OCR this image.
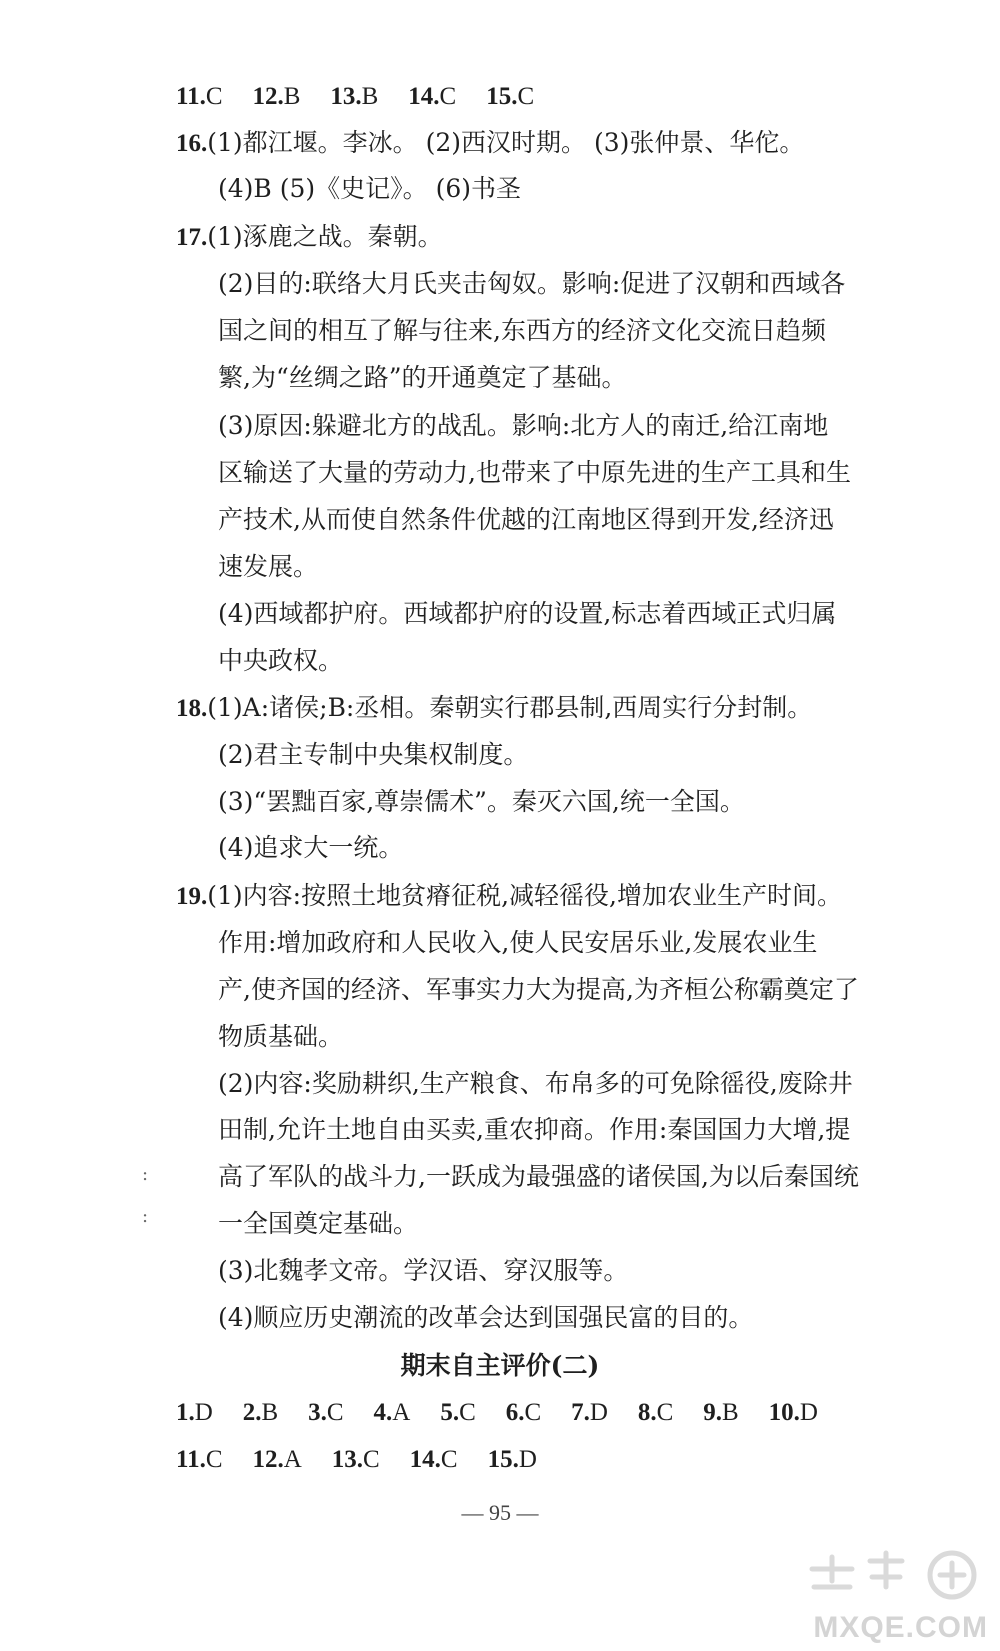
11.C 12.B 13.B 14.C 15.C
16.(1)都江堰。李冰。 (2)西汉时期。 (3)张仲景、华佗。
(4)B (5)《史记》。 (6)书圣
17.(1)涿鹿之战。秦朝。
(2)目的:联络大月氏夹击匈奴。影响:促进了汉朝和西域各
国之间的相互了解与往来,东西方的经济文化交流日趋频
繁,为“丝绸之路”的开通奠定了基础。
(3)原因:躲避北方的战乱。影响:北方人的南迁,给江南地
区输送了大量的劳动力,也带来了中原先进的生产工具和生
产技术,从而使自然条件优越的江南地区得到开发,经济迅
速发展。
(4)西域都护府。西域都护府的设置,标志着西域正式归属
中央政权。
18.(1)A:诸侯;B:丞相。秦朝实行郡县制,西周实行分封制。
(2)君主专制中央集权制度。
(3)“罢黜百家,尊崇儒术”。秦灭六国,统一全国。
(4)追求大一统。
19.(1)内容:按照土地贫瘠征税,减轻徭役,增加农业生产时间。
作用:增加政府和人民收入,使人民安居乐业,发展农业生
产,使齐国的经济、军事实力大为提高,为齐桓公称霸奠定了
物质基础。
(2)内容:奖励耕织,生产粮食、布帛多的可免除徭役,废除井
田制,允许土地自由买卖,重农抑商。作用:秦国国力大增,提
高了军队的战斗力,一跃成为最强盛的诸侯国,为以后秦国统
一全国奠定基础。
(3)北魏孝文帝。学汉语、穿汉服等。
(4)顺应历史潮流的改革会达到国强民富的目的。
:
:
期末自主评价(二)
1.D 2.B 3.C 4.A 5.C 6.C 7.D 8.C 9.B 10.D
11.C 12.A 13.C 14.C 15.D
— 95 —
MXQE.COM
